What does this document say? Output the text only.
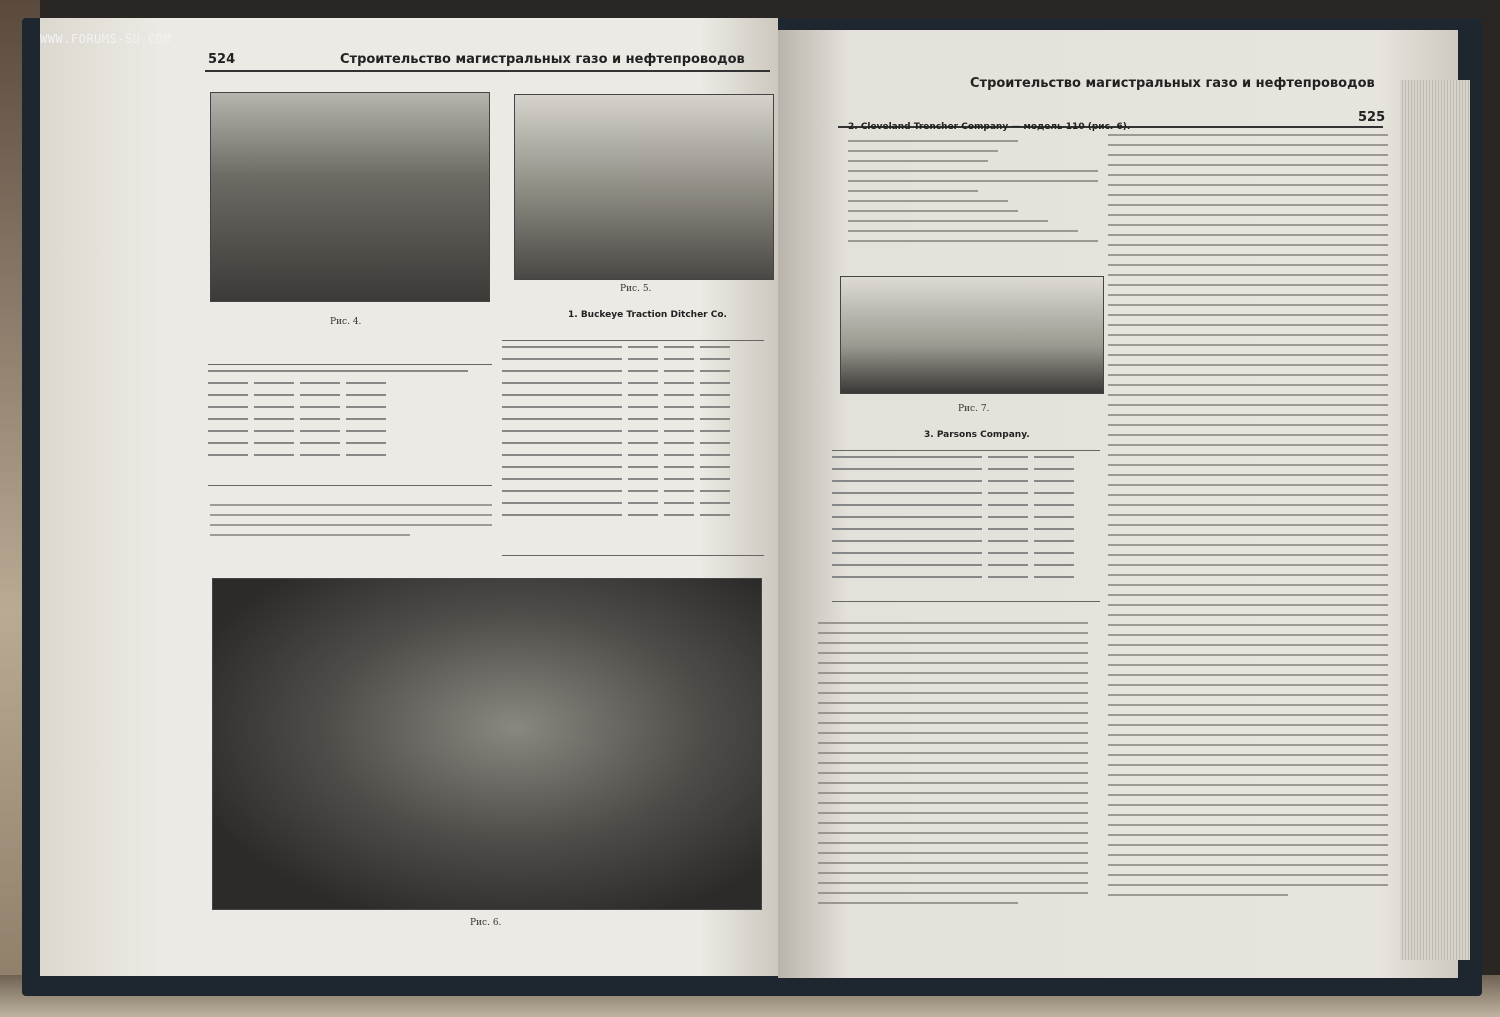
524	Строительство магистральных газо и нефтепроводов
Рис. 4.
Рис. 5.
1. Buckeye Traction Ditcher Co.
Рис. 6.
Строительство магистральных газо и нефтепроводов
525
2. Cleveland Trencher Company — модель 110 (рис. 6).
Рис. 7.
3. Parsons Company.
WWW.FORUMS-SU.COM
